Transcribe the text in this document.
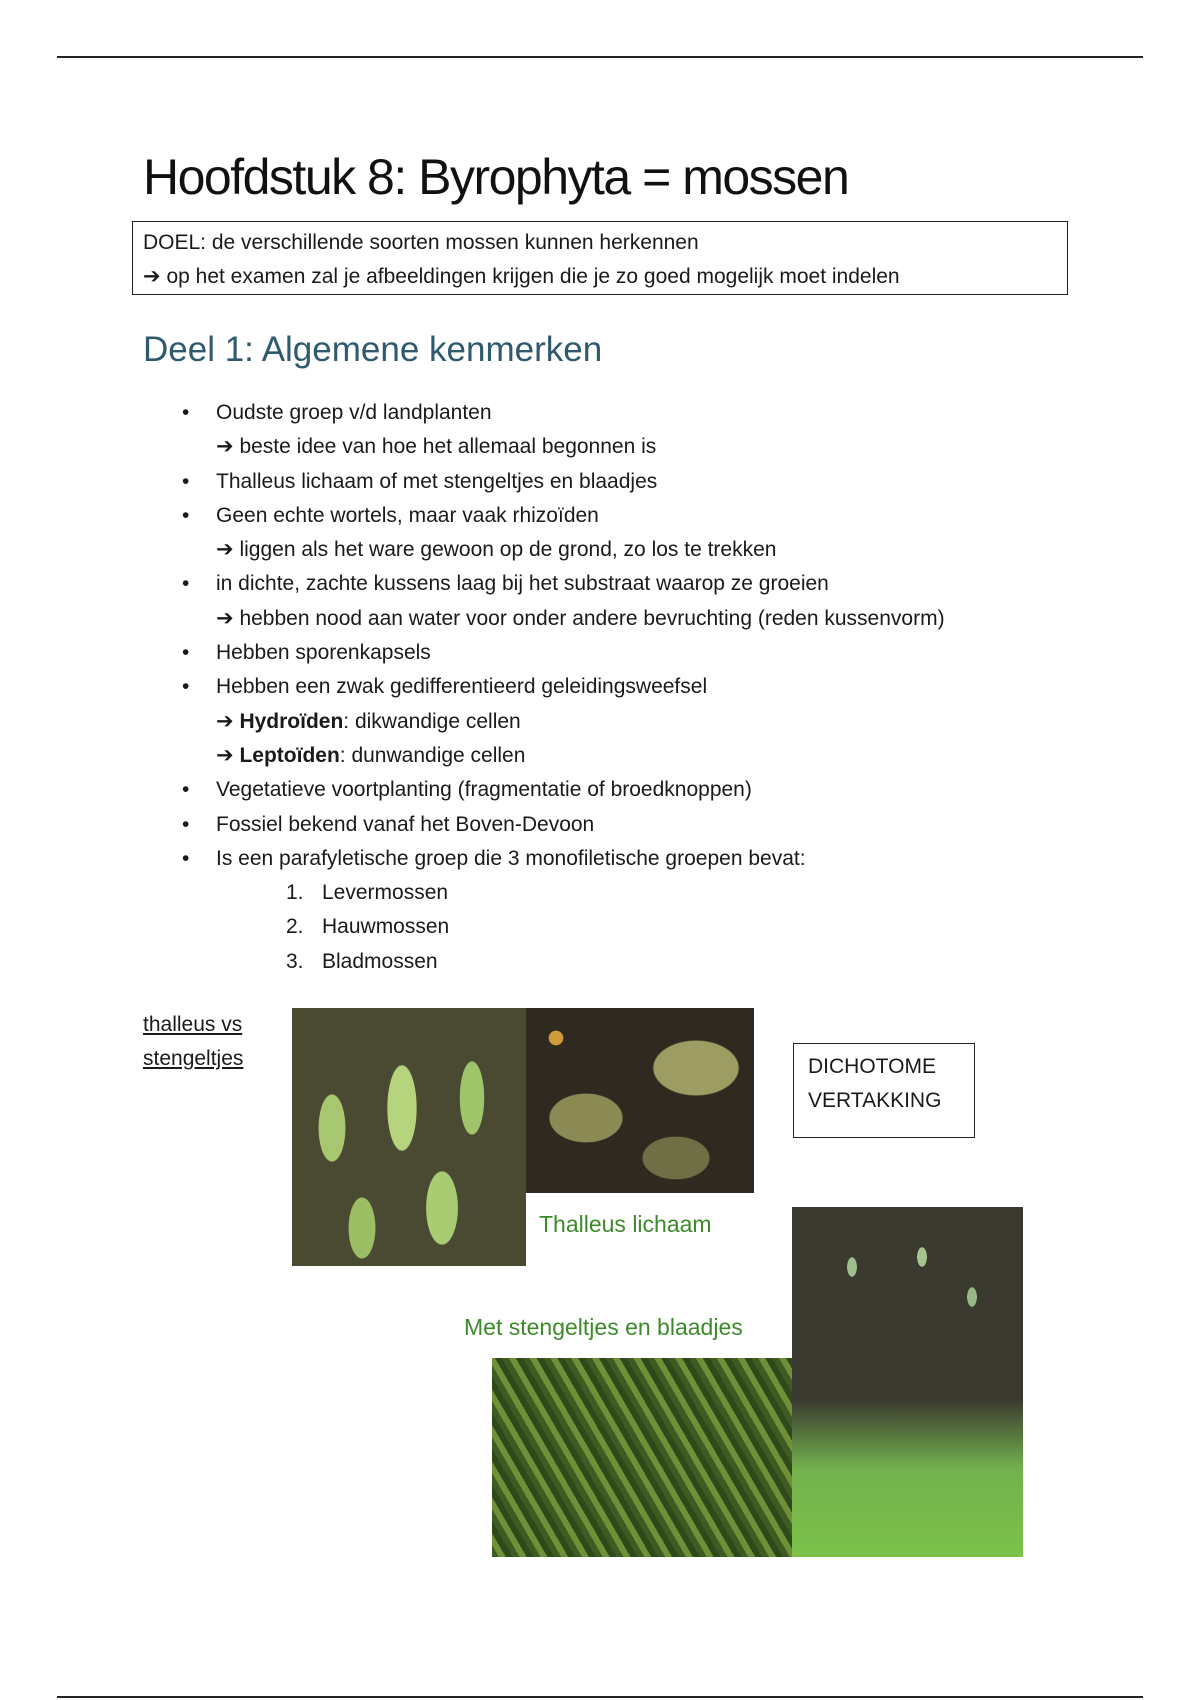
Hoofdstuk 8: Byrophyta = mossen
DOEL: de verschillende soorten mossen kunnen herkennen
➔ op het examen zal je afbeeldingen krijgen die je zo goed mogelijk moet indelen
Deel 1: Algemene kenmerken
• Oudste groep v/d landplanten
➔ beste idee van hoe het allemaal begonnen is
• Thalleus lichaam of met stengeltjes en blaadjes
• Geen echte wortels, maar vaak rhizoïden
➔ liggen als het ware gewoon op de grond, zo los te trekken
• in dichte, zachte kussens laag bij het substraat waarop ze groeien
➔ hebben nood aan water voor onder andere bevruchting (reden kussenvorm)
• Hebben sporenkapsels
• Hebben een zwak gedifferentieerd geleidingsweefsel
➔ Hydroïden: dikwandige cellen
➔ Leptoïden: dunwandige cellen
• Vegetatieve voortplanting (fragmentatie of broedknoppen)
• Fossiel bekend vanaf het Boven-Devoon
• Is een parafyletische groep die 3 monofiletische groepen bevat:
1. Levermossen
2. Hauwmossen
3. Bladmossen
thalleus vs
stengeltjes
Thalleus lichaam
Met stengeltjes en blaadjes
DICHOTOME
VERTAKKING
